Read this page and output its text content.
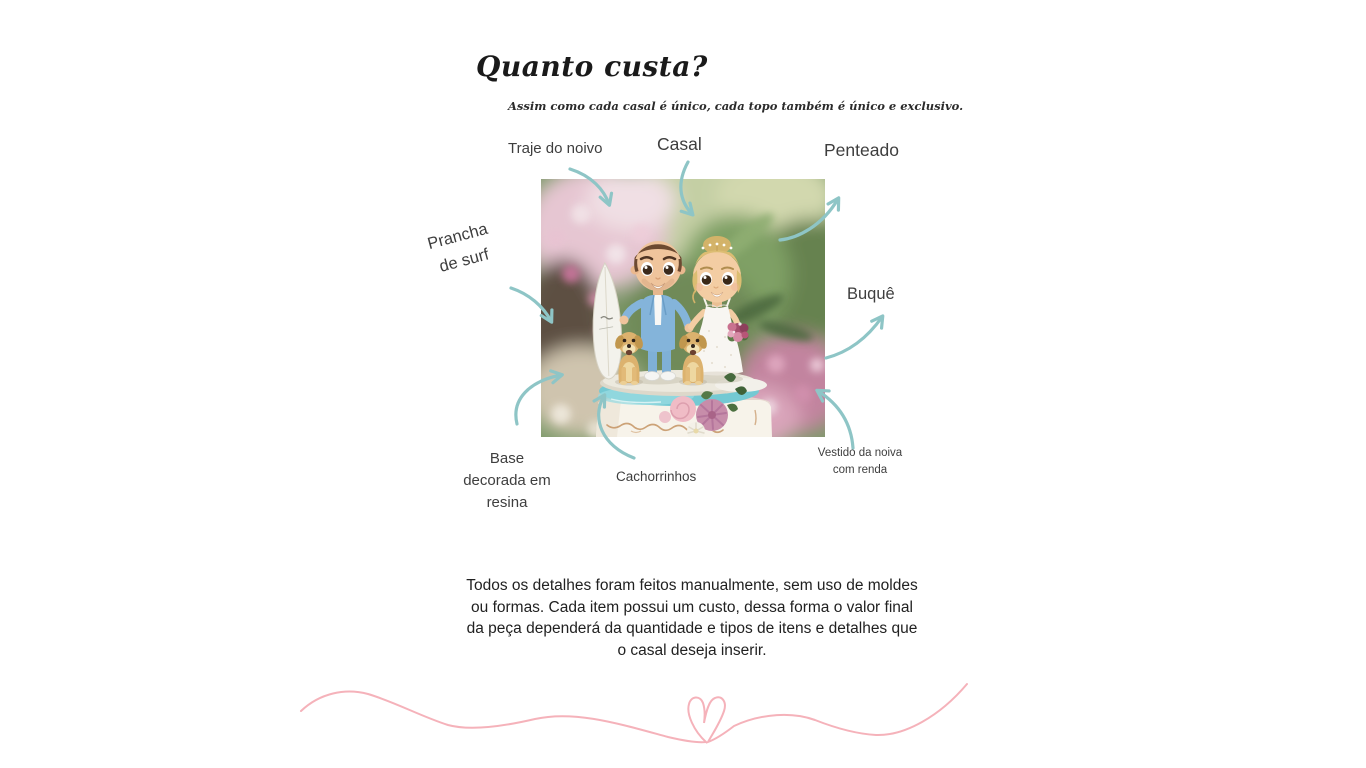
Quanto custa?
Assim como cada casal é único, cada topo também é único e exclusivo.
Traje do noivo	Casal	Penteado
Prancha de surf
Buquê
Base decorada em resina
Cachorrinhos
Vestido da noiva com renda
Todos os detalhes foram feitos manualmente, sem uso de moldes ou formas. Cada item possui um custo, dessa forma o valor final da peça dependerá da quantidade e tipos de itens e detalhes que o casal deseja inserir.
